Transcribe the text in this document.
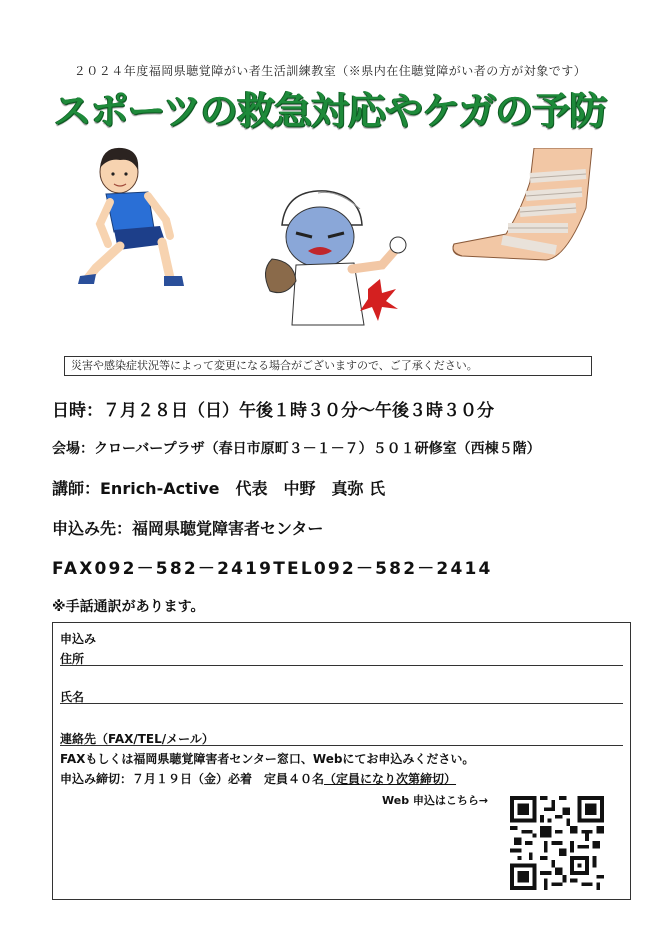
２０２４年度福岡県聴覚障がい者生活訓練教室（※県内在住聴覚障がい者の方が対象です）
スポーツの救急対応やケガの予防
災害や感染症状況等によって変更になる場合がございますので、ご了承ください。
日時：７月２８日（日）午後１時３０分～午後３時３０分
会場：クローバープラザ（春日市原町３－１－７）５０１研修室（西棟５階）
講師：Enrich-Active　代表　中野　真弥 氏
申込み先：福岡県聴覚障害者センター
FAX092－582－2419TEL092－582－2414
※手話通訳があります。
申込み
住所
氏名
連絡先（FAX/TEL/メール）
FAXもしくは福岡県聴覚障害者センター窓口、Webにてお申込みください。
申込み締切：７月１９日（金）必着　定員４０名（定員になり次第締切）
Web 申込はこちら→
